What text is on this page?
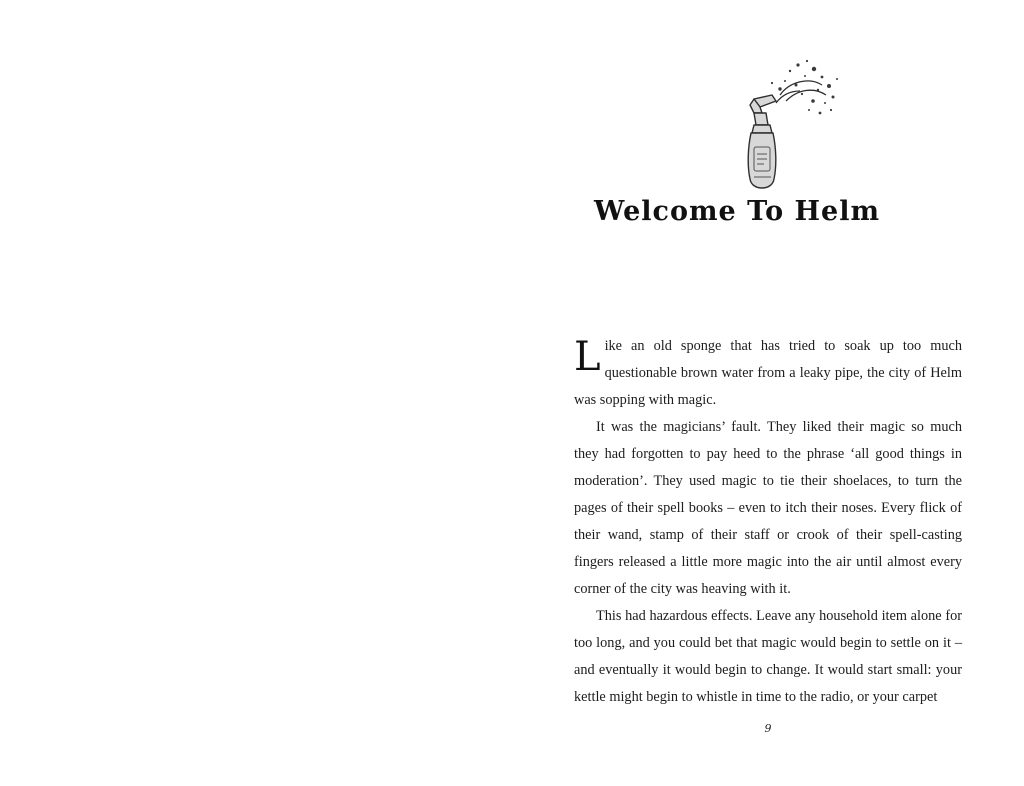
Welcome To Helm

Like an old sponge that has tried to soak up too much questionable brown water from a leaky pipe, the city of Helm was sopping with magic.

It was the magicians’ fault. They liked their magic so much they had forgotten to pay heed to the phrase ‘all good things in moderation’. They used magic to tie their shoelaces, to turn the pages of their spell books – even to itch their noses. Every flick of their wand, stamp of their staff or crook of their spell-casting fingers released a little more magic into the air until almost every corner of the city was heaving with it.

This had hazardous effects. Leave any household item alone for too long, and you could bet that magic would begin to settle on it – and eventually it would begin to change. It would start small: your kettle might begin to whistle in time to the radio, or your carpet

9
